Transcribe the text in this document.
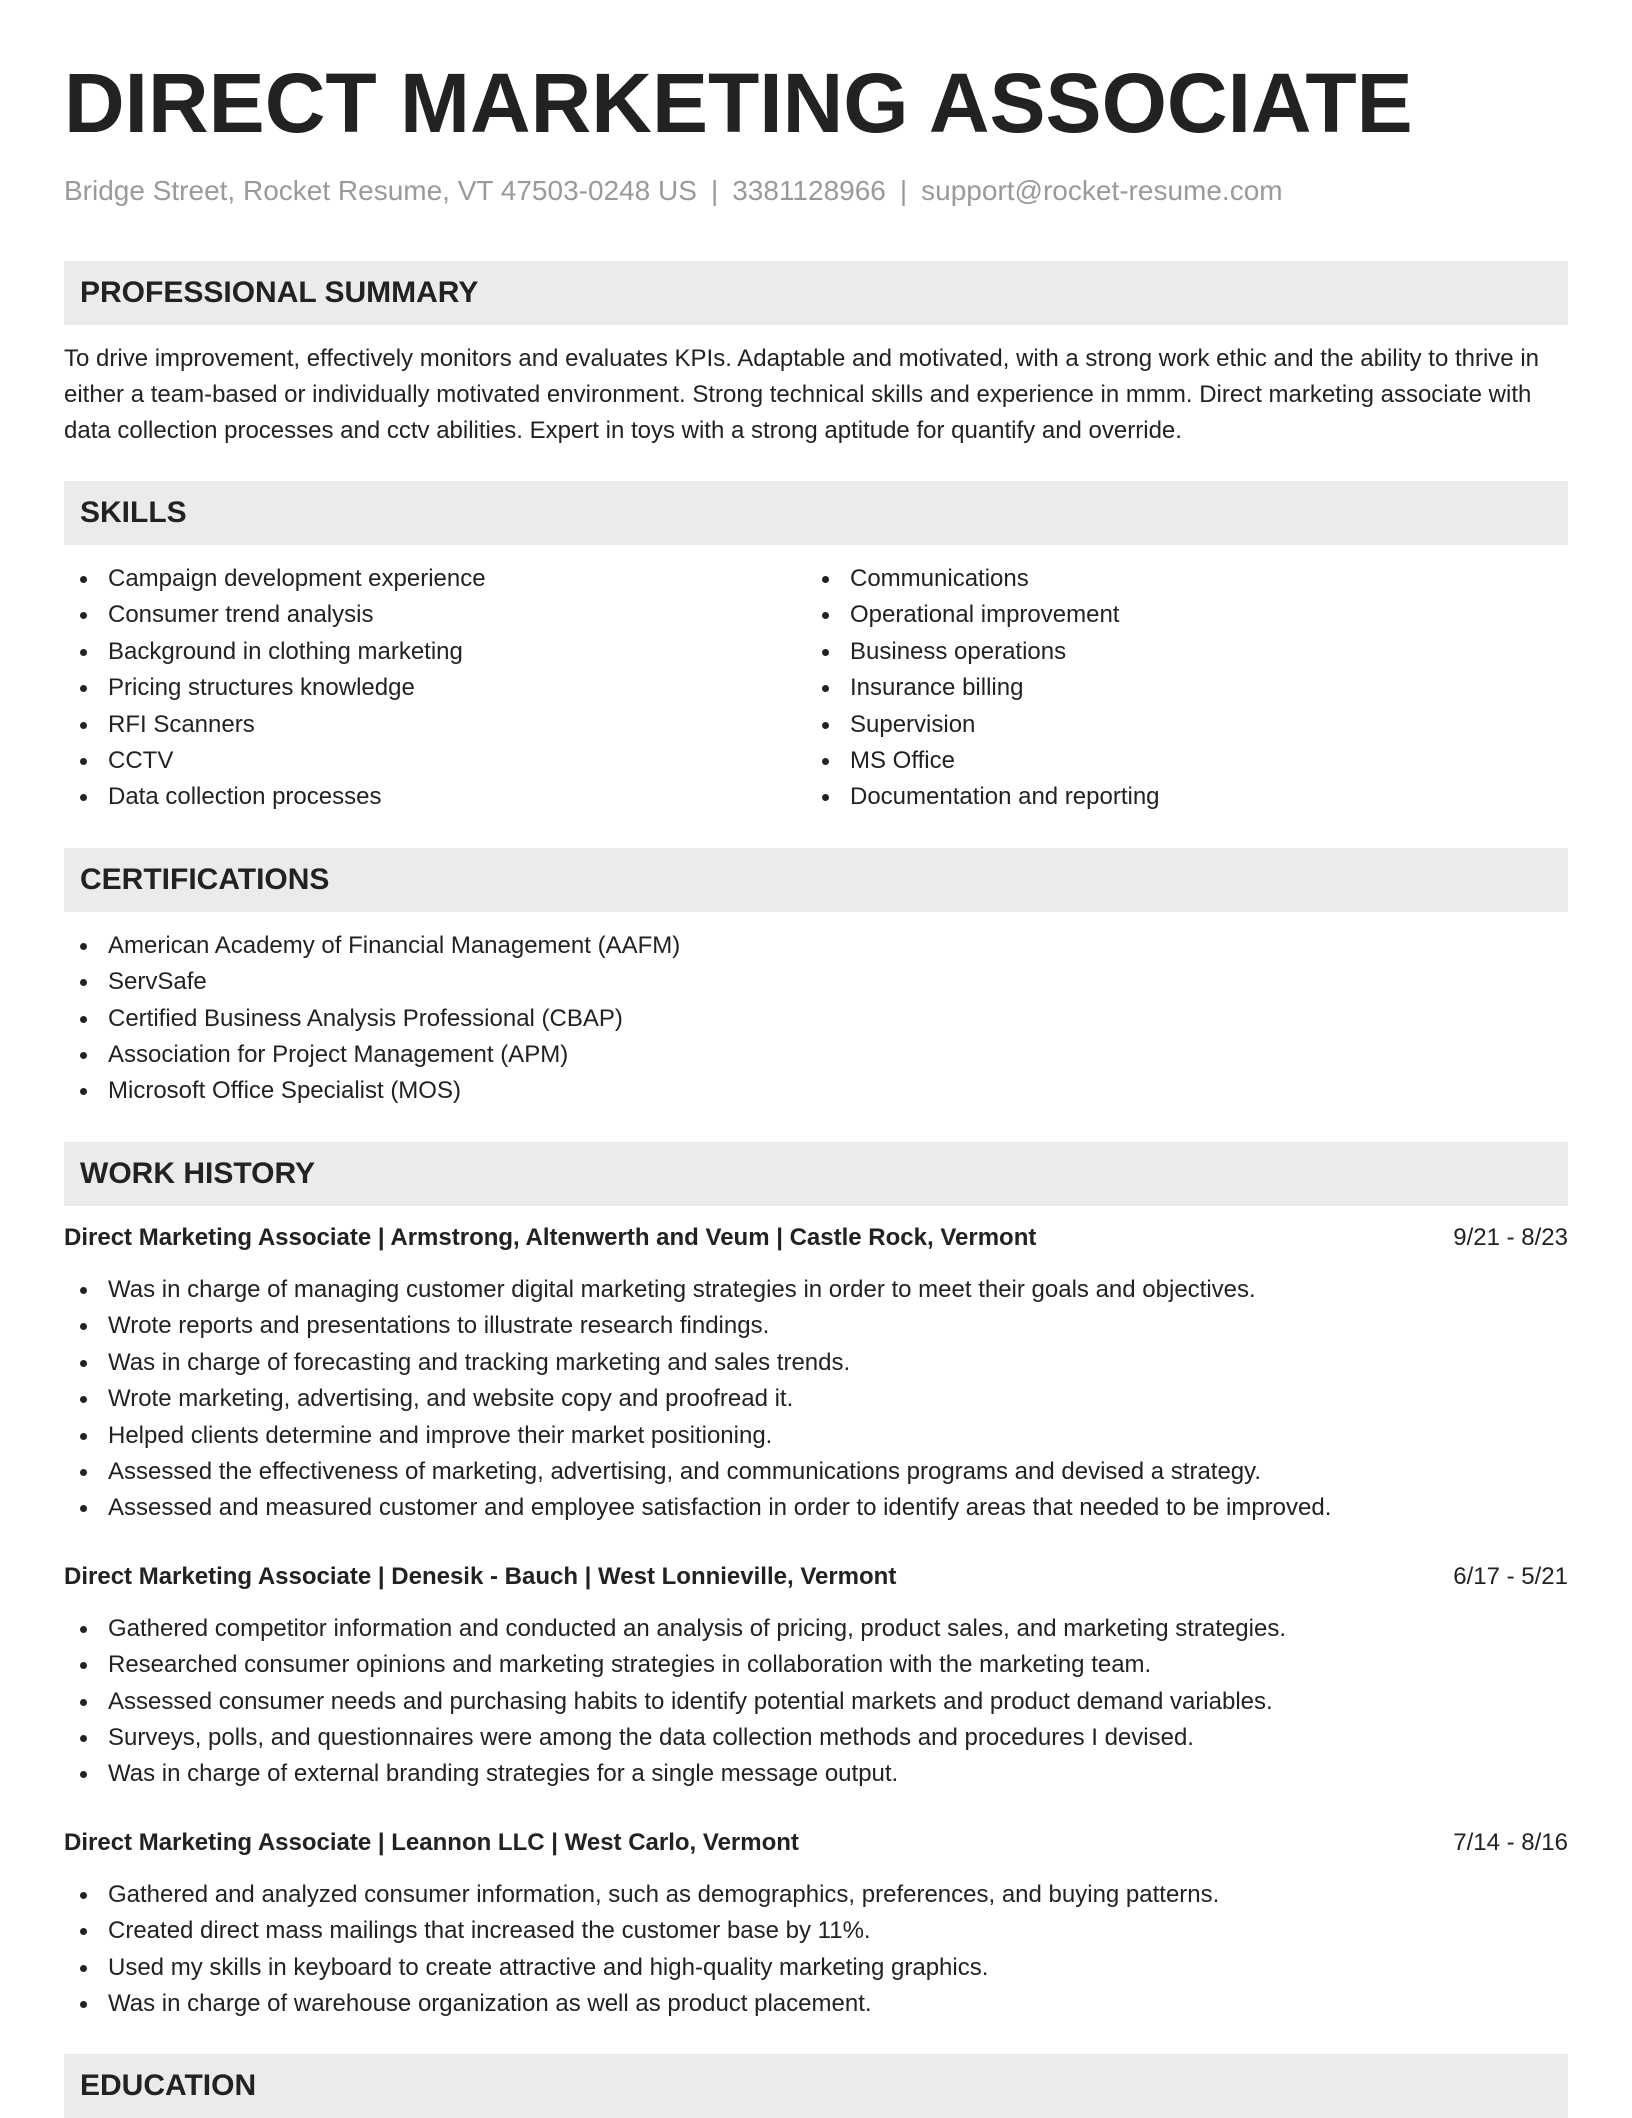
DIRECT MARKETING ASSOCIATE
Bridge Street, Rocket Resume, VT 47503-0248 US | 3381128966 | support@rocket-resume.com
PROFESSIONAL SUMMARY
To drive improvement, effectively monitors and evaluates KPIs. Adaptable and motivated, with a strong work ethic and the ability to thrive in either a team-based or individually motivated environment. Strong technical skills and experience in mmm. Direct marketing associate with data collection processes and cctv abilities. Expert in toys with a strong aptitude for quantify and override.
SKILLS
Campaign development experience
Consumer trend analysis
Background in clothing marketing
Pricing structures knowledge
RFI Scanners
CCTV
Data collection processes
Communications
Operational improvement
Business operations
Insurance billing
Supervision
MS Office
Documentation and reporting
CERTIFICATIONS
American Academy of Financial Management (AAFM)
ServSafe
Certified Business Analysis Professional (CBAP)
Association for Project Management (APM)
Microsoft Office Specialist (MOS)
WORK HISTORY
Direct Marketing Associate | Armstrong, Altenwerth and Veum | Castle Rock, Vermont	9/21 - 8/23
Was in charge of managing customer digital marketing strategies in order to meet their goals and objectives.
Wrote reports and presentations to illustrate research findings.
Was in charge of forecasting and tracking marketing and sales trends.
Wrote marketing, advertising, and website copy and proofread it.
Helped clients determine and improve their market positioning.
Assessed the effectiveness of marketing, advertising, and communications programs and devised a strategy.
Assessed and measured customer and employee satisfaction in order to identify areas that needed to be improved.
Direct Marketing Associate | Denesik - Bauch | West Lonnieville, Vermont	6/17 - 5/21
Gathered competitor information and conducted an analysis of pricing, product sales, and marketing strategies.
Researched consumer opinions and marketing strategies in collaboration with the marketing team.
Assessed consumer needs and purchasing habits to identify potential markets and product demand variables.
Surveys, polls, and questionnaires were among the data collection methods and procedures I devised.
Was in charge of external branding strategies for a single message output.
Direct Marketing Associate | Leannon LLC | West Carlo, Vermont	7/14 - 8/16
Gathered and analyzed consumer information, such as demographics, preferences, and buying patterns.
Created direct mass mailings that increased the customer base by 11%.
Used my skills in keyboard to create attractive and high-quality marketing graphics.
Was in charge of warehouse organization as well as product placement.
EDUCATION
